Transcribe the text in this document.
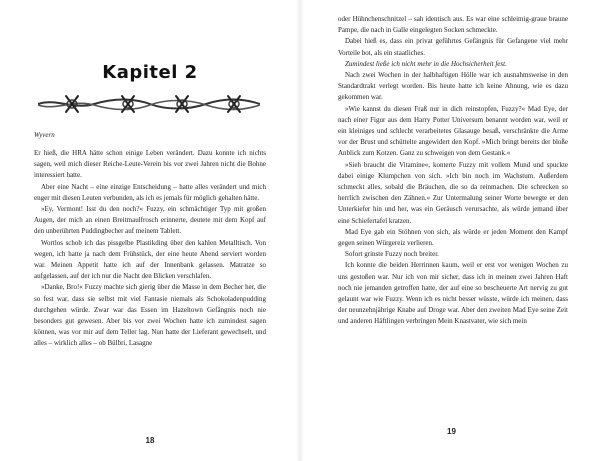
Kapitel 2
Wyvern

Er hieß, die HRA hätte schon einige Leben verändert. Dazu konnte ich nichts sagen, weil mich dieser Reiche-Leute-Verein bis vor zwei Jahren nicht die Bohne interessiert hatte.

Aber eine Nacht – eine einzige Entscheidung – hatte alles verändert und mich enger mit diesen Leuten verbunden, als ich es jemals für möglich gehalten hätte.

»Ey, Vermont! Isst du den noch?« Fuzzy, ein schmächtiger Typ mit großen Augen, der mich an einen Breitmaulfrosch erinnerte, deutete mit dem Kopf auf den unberührten Puddingbecher auf meinem Tablett.

Wortlos schob ich das pissgelbe Plastikding über den kahlen Metalltisch. Von wegen, ich hatte ja nach dem Frühstück, der eine heute Abend serviert worden war. Meinen Appetit hatte ich auf der Innenbank gelassen. Matratze so aufgelassen, auf der ich nur die Nacht den Blicken verschlafen.

»Danke, Bro!« Fuzzy machte sich gierig über die Masse in dem Becher her, die so fest war, dass sie selbst mit viel Fantasie niemals als Schokoladenpudding durchgehen würde. Zwar war das Essen im Hazeltown Gefängnis noch nie besonders gut gewesen. Aber bis vor zwei Wochen hatte ich zumindest sagen können, was vor mir auf dem Teller lag. Nun hatte der Lieferant gewechselt, und alles – wirklich alles – ob Bülbri, Lasagne

18

oder Hühnchenschnitzel – sah identisch aus. Es war eine schleimig-graue braune Pampe, die nach in Galle eingelegten Socken schmeckte.

Dabei hieß es, dass ein privat geführtes Gefängnis für Gefangene viel mehr Vorteile bot, als ein staatliches.

Zumindest ließe ich nicht mehr in die Hochsicherheit fest.

Nach zwei Wochen in der halbhaftigen Hölle war ich ausnahmsweise in den Standardtrakt verlegt worden. Bis heute hatte ich keine Ahnung, wie es dazu gekommen war.

»Wie kannst du diesen Fraß nur in dich reinstopfen, Fuzzy?« Mad Eye, der nach einer Figur aus dem Harry Potter Universum benannt worden war, weil er ein kleiniges und schlecht verarbeitetes Glasauge besaß, verschränkte die Arme vor der Brust und schüttelte angewidert den Kopf. »Mich bringt bereits der bloße Anblick zum Kotzen. Ganz zu schweigen von dem Gestank.«

»Sieh braucht die Vitamine«, konterte Fuzzy mit vollem Mund und spuckte dabei einige Klumpchen von sich. »Ich bin noch im Wachstum. Außerdem schmeckt alles, sobald die Bräuchen, die so da reinmachen. Die schrecken so herrlich zwischen den Zähnen.« Zur Untermalung seiner Worte bewegte er den Unterkiefer hin und her, was ein Geräusch verursachte, als würde jemand über eine Schiefertafel kratzen.

Mad Eye gab ein Stöhnen von sich, als würde er jeden Moment den Kampf gegen seinen Würgereiz verlieren.

Sofort grinste Fuzzy noch breiter.

Ich konnte die beiden Herrinnen kaum, weil er erst vor wenigen Wochen zu uns gestoßen war. Nur ich von mir sicher, dass ich in meinen zwei Jahren Haft noch nie jemanden getroffen hatte, der auf eine so bescheuerte Art nervig zu gut gelaunt war wie Fuzzy. Wenn ich es nicht besser wüsste, würde ich meinen, dass der neunzehnjährige Knabe auf Droge war. Aber den zweiten Mad Eye seine Zeit und anderen Häftlingen verbringen Mein Knastvater, wie sich mein

19
